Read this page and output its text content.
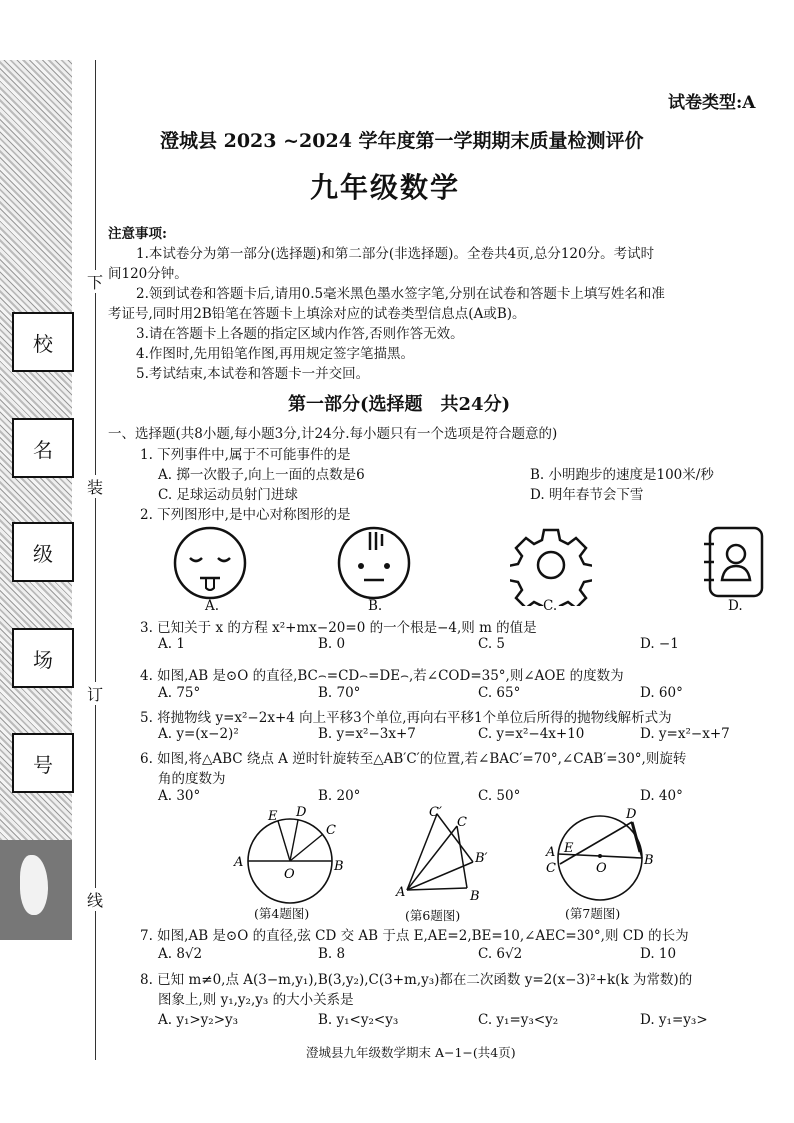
下
装
订
线
校
名
级
场
号
试卷类型:A
澄城县 2023 ~2024 学年度第一学期期末质量检测评价
九年级数学
注意事项:
1.本试卷分为第一部分(选择题)和第二部分(非选择题)。全卷共4页,总分120分。考试时
间120分钟。
2.领到试卷和答题卡后,请用0.5毫米黑色墨水签字笔,分别在试卷和答题卡上填写姓名和准
考证号,同时用2B铅笔在答题卡上填涂对应的试卷类型信息点(A或B)。
3.请在答题卡上各题的指定区域内作答,否则作答无效。
4.作图时,先用铅笔作图,再用规定签字笔描黑。
5.考试结束,本试卷和答题卡一并交回。
第一部分(选择题　共24分)
一、选择题(共8小题,每小题3分,计24分.每小题只有一个选项是符合题意的)
1. 下列事件中,属于不可能事件的是
A. 掷一次骰子,向上一面的点数是6	B. 小明跑步的速度是100米/秒
C. 足球运动员射门进球	D. 明年春节会下雪
2. 下列图形中,是中心对称图形的是
A.	B.	C.	D.
3. 已知关于 x 的方程 x²+mx−20=0 的一个根是−4,则 m 的值是
A. 1	B. 0	C. 5	D. −1
4. 如图,AB 是⊙O 的直径,BC⌢=CD⌢=DE⌢,若∠COD=35°,则∠AOE 的度数为
A. 75°	B. 70°	C. 65°	D. 60°
5. 将抛物线 y=x²−2x+4 向上平移3个单位,再向右平移1个单位后所得的抛物线解析式为
A. y=(x−2)²	B. y=x²−3x+7	C. y=x²−4x+10	D. y=x²−x+7
6. 如图,将△ABC 绕点 A 逆时针旋转至△AB′C′的位置,若∠BAC′=70°,∠CAB′=30°,则旋转
角的度数为
A. 30°	B. 20°	C. 50°	D. 40°
E D
C
A
O
B
(第4题图)
C′
C
B′
A	B
(第6题图)
D
A E
C	O
B
(第7题图)
7. 如图,AB 是⊙O 的直径,弦 CD 交 AB 于点 E,AE=2,BE=10,∠AEC=30°,则 CD 的长为
A. 8√2	B. 8	C. 6√2	D. 10
8. 已知 m≠0,点 A(3−m,y₁),B(3,y₂),C(3+m,y₃)都在二次函数 y=2(x−3)²+k(k 为常数)的
图象上,则 y₁,y₂,y₃ 的大小关系是
A. y₁>y₂>y₃	B. y₁<y₂<y₃	C. y₁=y₃<y₂	D. y₁=y₃>
澄城县九年级数学期末 A−1−(共4页)
